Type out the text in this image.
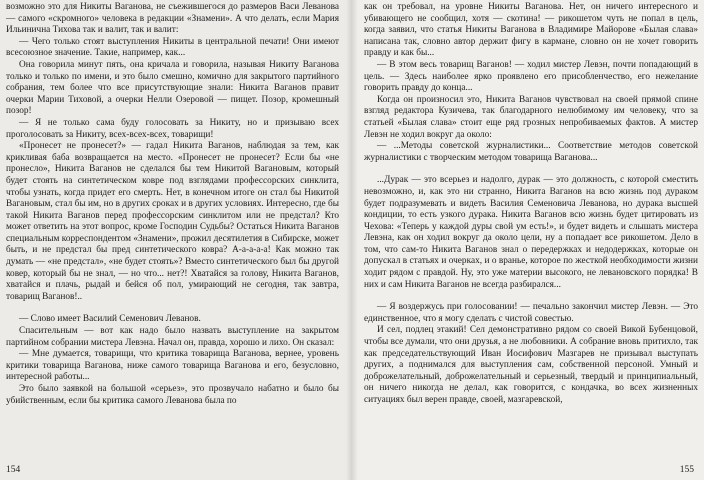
возможно это для Никиты Ваганова, не съежившегося до размеров Васи Леванова — самого «скромного» человека в редакции «Знамени». А что делать, если Мария Ильинична Тихова так и валит, так и валит:

— Чего только стоят выступления Никиты в центральной печати! Они имеют всесоюзное значение. Такие, например, как...

Она говорила минут пять, она кричала и говорила, называя Никиту Ваганова только и только по имени, и это было смешно, комично для закрытого партийного собрания, тем более что все присутствующие знали: Никита Ваганов правит очерки Марии Тиховой, а очерки Нелли Озеровой — пищет. Позор, кромешный позор!

— Я не только сама буду голосовать за Никиту, но и призываю всех проголосовать за Никиту, всех-всех-всех, товарищи!

«Пронесет не пронесет?» — гадал Никита Ваганов, наблюдая за тем, как крикливая баба возвращается на место. «Пронесет не пронесет? Если бы «не пронесло», Никита Ваганов не сделался бы тем Никитой Вагановым, который будет стоять на синтетическом ковре под взглядами профессорских синклита, чтобы узнать, когда придет его смерть. Нет, в конечном итоге он стал бы Никитой Вагановым, стал бы им, но в других сроках и в других условиях. Интересно, где бы такой Никита Ваганов перед профессорским синклитом или не предстал? Кто может ответить на этот вопрос, кроме Господин Судьбы? Остаться Никита Ваганов специальным корреспондентом «Знамени», прожил десятилетия в Сибирске, может быть, и не предстал бы пред синтетического ковра? А-а-а-а-а! Как можно так думать — «не предстал», «не будет стоять»? Вместо синтетического был бы другой ковер, который бы не знал, — но что... нет?! Хватайся за голову, Никита Ваганов, хватайся и плачь, рыдай и бейся об пол, умирающий не сегодня, так завтра, товарищ Ваганов!..

— Слово имеет Василий Семенович Леванов.

Спасительным — вот как надо было назвать выступление на закрытом партийном собрании мистера Левэна. Начал он, правда, хорошо и лихо. Он сказал:

— Мне думается, товарищи, что критика товарища Ваганова, вернее, уровень критики товарища Ваганова, ниже самого товарища Ваганова и его, безусловно, интересной работы...

Это было заявкой на большой «серьез», это прозвучало набатно и было бы убийственным, если бы критика самого Леванова была по

154

как он требовал, на уровне Никиты Ваганова. Нет, он ничего интересного и убивающего не сообщил, хотя — скотина! — рикошетом чуть не попал в цель, когда заявил, что статья Никиты Ваганова в Владимире Майорове «Былая слава» написана так, словно автор держит фигу в кармане, словно он не хочет говорить правду и как бы...

— В этом весь товарищ Ваганов! — ходил мистер Левэн, почти попадающий в цель. — Здесь наиболее ярко проявлено его присобленчество, его нежелание говорить правду до конца...

Когда он произносил это, Никита Ваганов чувствовал на своей прямой спине взгляд редактора Кузичева, так благодарного нелюбимому им человеку, что за статьей «Былая слава» стоит еще ряд грозных непробиваемых фактов. А мистер Левэн не ходил вокруг да около:

— ...Методы советской журналистики... Соответствие методов советской журналистики с творческим методом товарища Ваганова...

...Дурак — это всерьез и надолго, дурак — это должность, с которой сместить невозможно, и, как это ни странно, Никита Ваганов на всю жизнь под дураком будет подразумевать и видеть Василия Семеновича Леванова, но дурака высшей кондиции, то есть узкого дурака. Никита Ваганов всю жизнь будет цитировать из Чехова: «Теперь у каждой дуры свой ум есть!», и будет видеть и слышать мистера Левэна, как он ходил вокруг да около цели, ну а попадает все рикошетом. Дело в том, что сам-то Никита Ваганов знал о передержках и недодержках, которые он допускал в статьях и очерках, и о вранье, которое по жесткой необходимости жизни ходит рядом с правдой. Ну, это уже материи высокого, не левановского порядка! В них и сам Никита Ваганов не всегда разбирался...

— Я воздержусь при голосовании! — печально закончил мистер Левэн. — Это единственное, что я могу сделать с чистой совестью.

И сел, подлец этакий! Сел демонстративно рядом со своей Викой Бубенцовой, чтобы все думали, что они друзья, а не любовники. А собрание вновь притихло, так как председательствующий Иван Иосифович Мазгарев не призывал выступать других, а поднимался для выступления сам, собственной персоной. Умный и доброжелательный, доброжелательный и серьезный, твердый и принципиальный, он ничего никогда не делал, как говорится, с кондачка, во всех жизненных ситуациях был верен правде, своей, мазгаревской,

155
